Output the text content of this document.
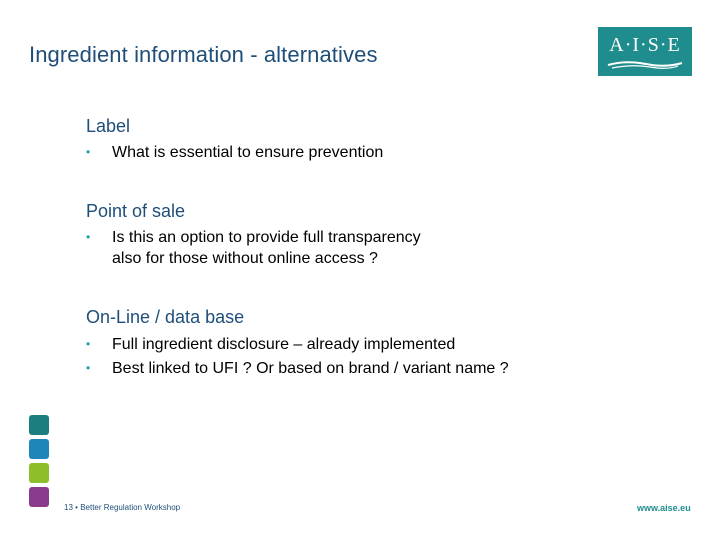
Ingredient information - alternatives	A·I·S·E
Label
• What is essential to ensure prevention
Point of sale
• Is this an option to provide full transparency
also for those without online access ?
On-Line / data base
• Full ingredient disclosure – already implemented
• Best linked to UFI ? Or based on brand / variant name ?
13 • Better Regulation Workshop	www.aise.eu
